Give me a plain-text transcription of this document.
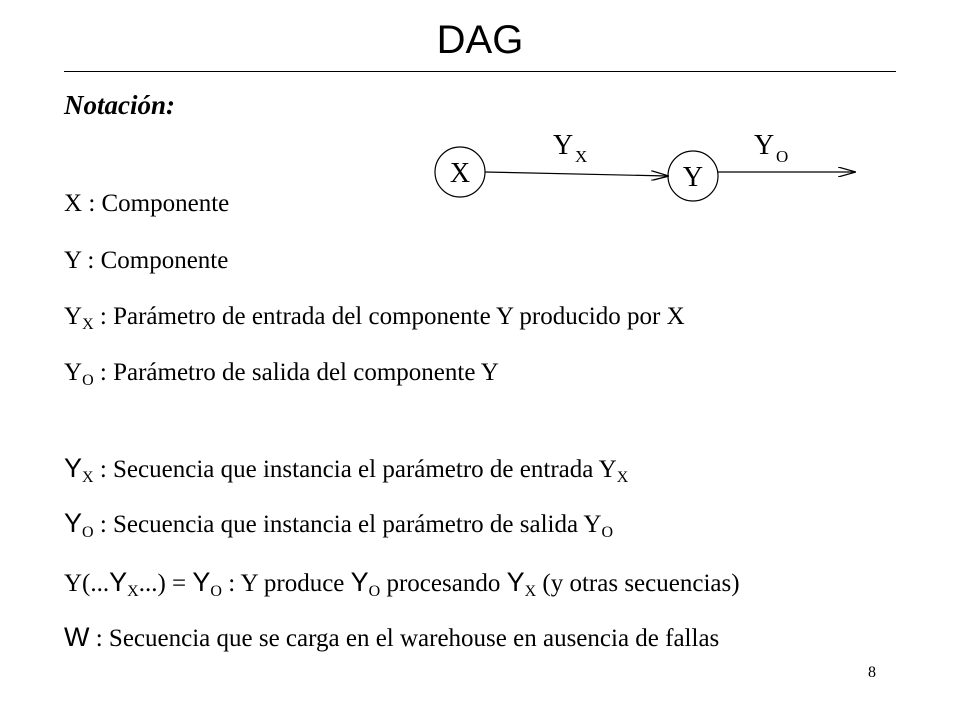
DAG
Notación:
X	Y
Y X	Y O
X : Componente
Y : Componente
$Y_X$ : Parámetro de entrada del componente Y producido por X
$Y_O$ : Parámetro de salida del componente Y
$Y_X$ : Secuencia que instancia el parámetro de entrada $Y_X$
$Y_O$ : Secuencia que instancia el parámetro de salida $Y_O$
$Y(...Y_X...) = Y_O$ : Y produce $Y_O$ procesando $Y_X$ (y otras secuencias)
W : Secuencia que se carga en el warehouse en ausencia de fallas
8
